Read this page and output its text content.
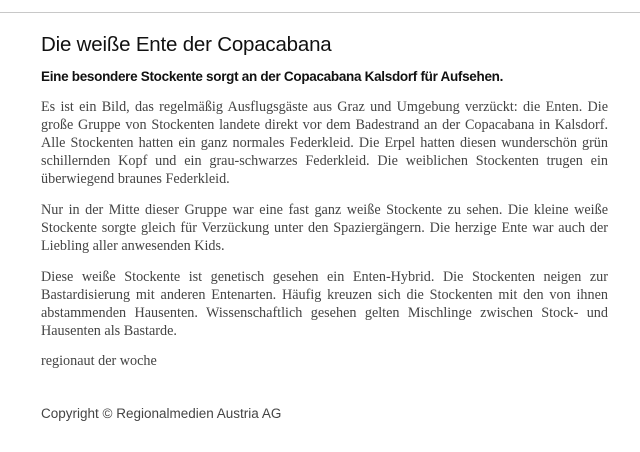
Die weiße Ente der Copacabana
Eine besondere Stockente sorgt an der Copacabana Kalsdorf für Aufsehen.

Es ist ein Bild, das regelmäßig Ausflugsgäste aus Graz und Umgebung verzückt: die Enten. Die große Gruppe von Stockenten landete direkt vor dem Badestrand an der Copacabana in Kalsdorf. Alle Stockenten hatten ein ganz normales Federkleid. Die Erpel hatten diesen wunderschön grün schillernden Kopf und ein grau-schwarzes Federkleid. Die weiblichen Stockenten trugen ein überwiegend braunes Federkleid.

Nur in der Mitte dieser Gruppe war eine fast ganz weiße Stockente zu sehen. Die kleine weiße Stockente sorgte gleich für Verzückung unter den Spaziergängern. Die herzige Ente war auch der Liebling aller anwesenden Kids.

Diese weiße Stockente ist genetisch gesehen ein Enten-Hybrid. Die Stockenten neigen zur Bastardisierung mit anderen Entenarten. Häufig kreuzen sich die Stockenten mit den von ihnen abstammenden Hausenten. Wissenschaftlich gesehen gelten Mischlinge zwischen Stock- und Hausenten als Bastarde.

regionaut der woche
Copyright © Regionalmedien Austria AG
